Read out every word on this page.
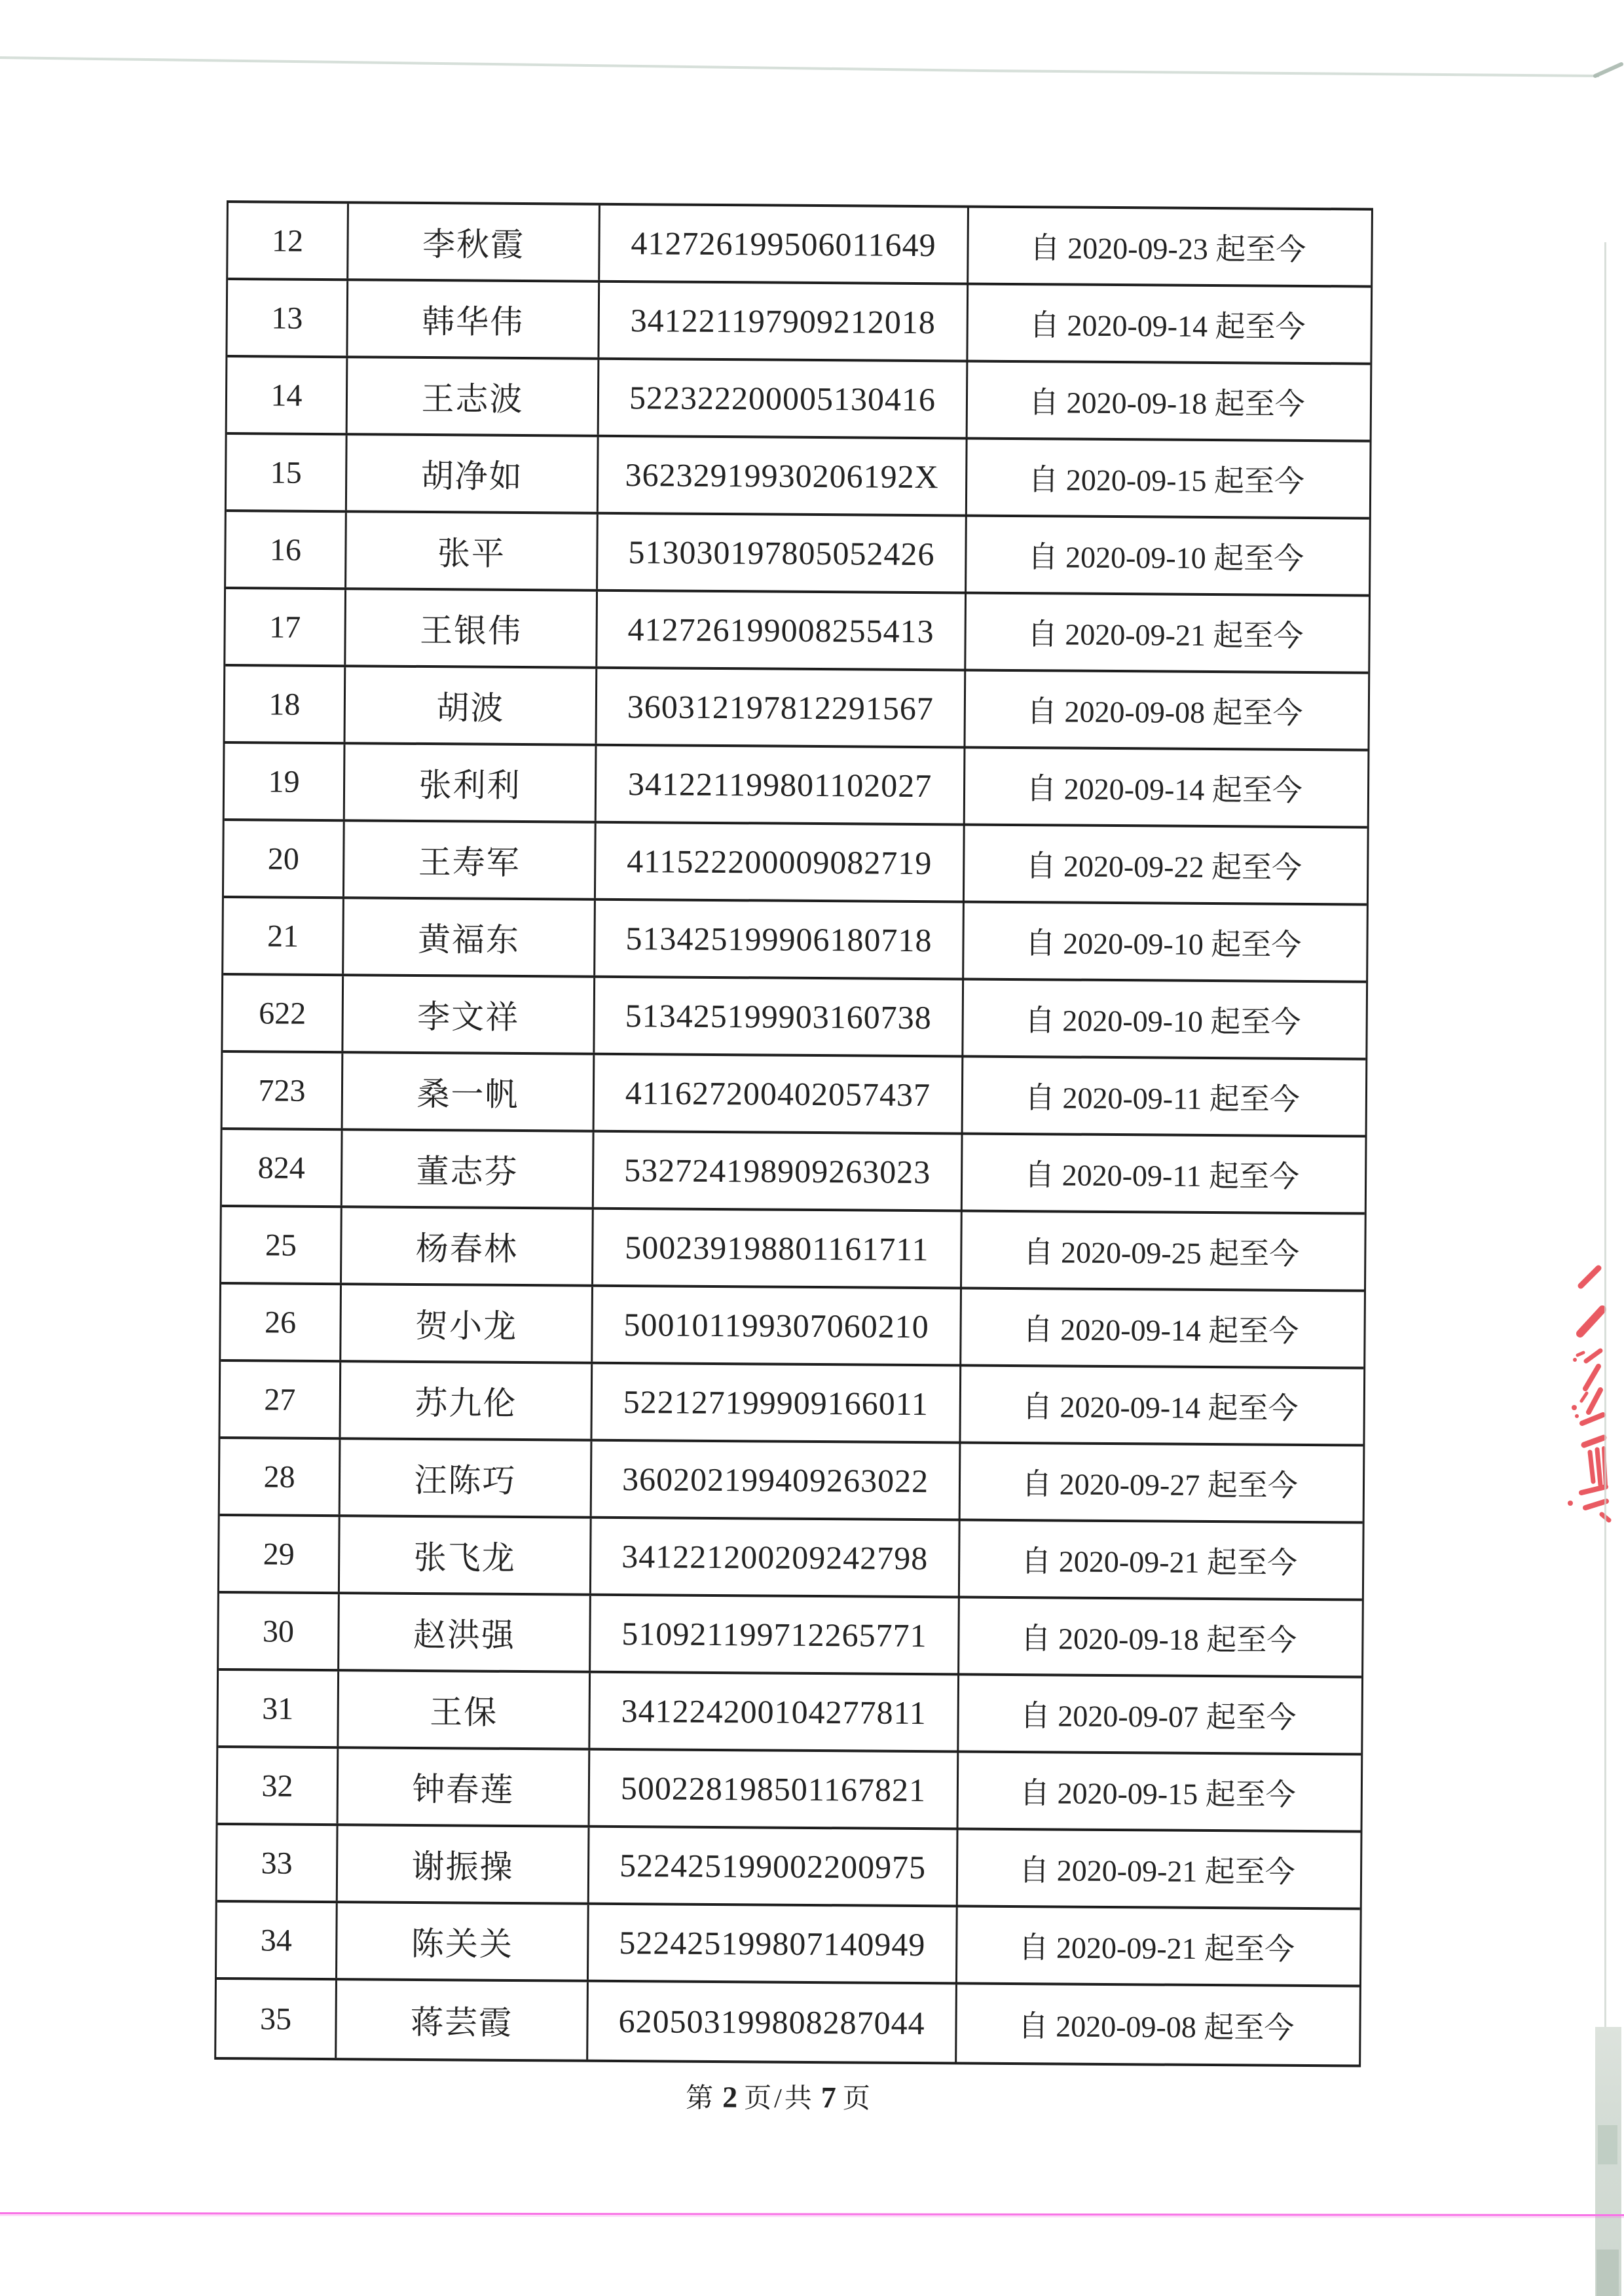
12	李秋霞	412726199506011649	自 2020-09-23 起至今
13	韩华伟	341221197909212018	自 2020-09-14 起至今
14	王志波	522322200005130416	自 2020-09-18 起至今
15	胡净如	36232919930206192X	自 2020-09-15 起至今
16	张平	513030197805052426	自 2020-09-10 起至今
17	王银伟	412726199008255413	自 2020-09-21 起至今
18	胡波	360312197812291567	自 2020-09-08 起至今
19	张利利	341221199801102027	自 2020-09-14 起至今
20	王寿军	411522200009082719	自 2020-09-22 起至今
21	黄福东	513425199906180718	自 2020-09-10 起至今
622	李文祥	513425199903160738	自 2020-09-10 起至今
723	桑一帆	411627200402057437	自 2020-09-11 起至今
824	董志芬	532724198909263023	自 2020-09-11 起至今
25	杨春林	500239198801161711	自 2020-09-25 起至今
26	贺小龙	500101199307060210	自 2020-09-14 起至今
27	苏九伦	522127199909166011	自 2020-09-14 起至今
28	汪陈巧	360202199409263022	自 2020-09-27 起至今
29	张飞龙	341221200209242798	自 2020-09-21 起至今
30	赵洪强	510921199712265771	自 2020-09-18 起至今
31	王保	341224200104277811	自 2020-09-07 起至今
32	钟春莲	500228198501167821	自 2020-09-15 起至今
33	谢振操	522425199002200975	自 2020-09-21 起至今
34	陈关关	522425199807140949	自 2020-09-21 起至今
35	蒋芸霞	620503199808287044	自 2020-09-08 起至今
第 2 页/共 7 页
